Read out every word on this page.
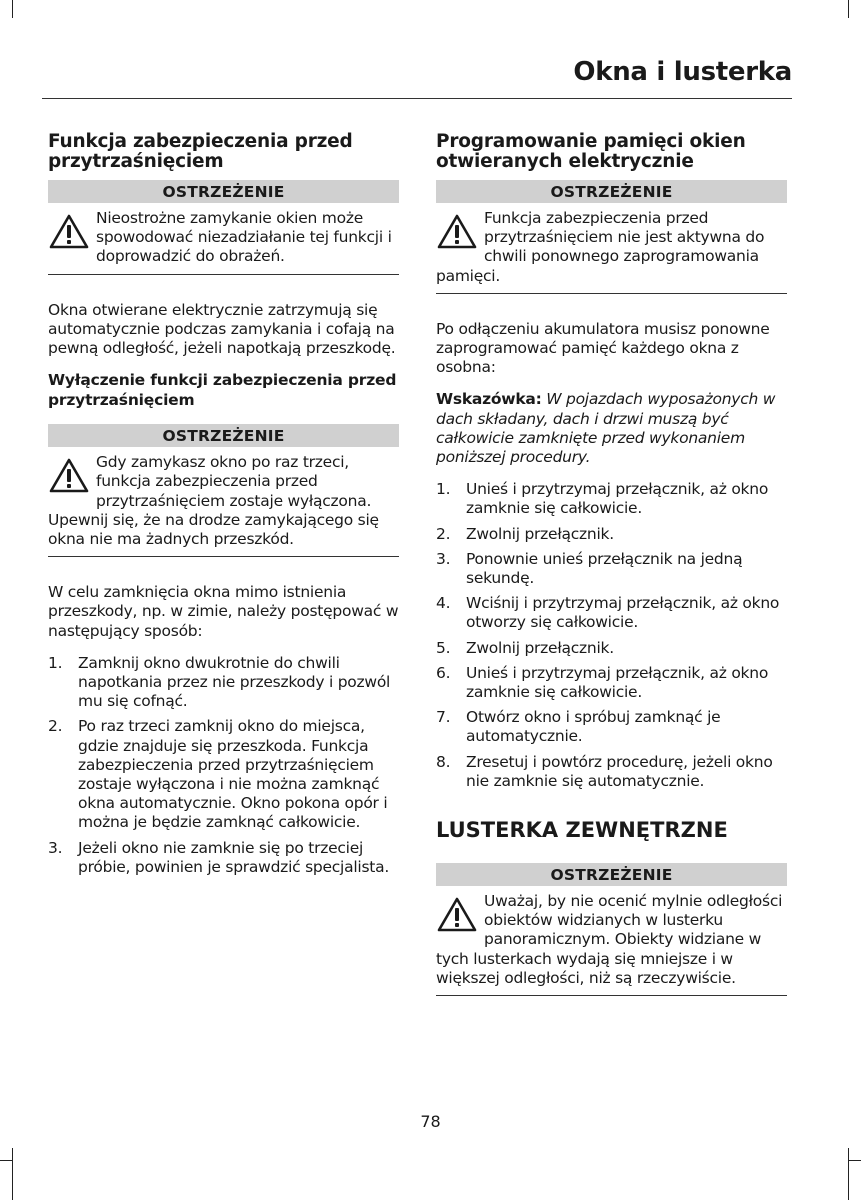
Okna i lusterka
Funkcja zabezpieczenia przed przytrzaśnięciem
OSTRZEŻENIE
Nieostrożne zamykanie okien może spowodować niezadziałanie tej funkcji i doprowadzić do obrażeń.

Okna otwierane elektrycznie zatrzymują się automatycznie podczas zamykania i cofają na pewną odległość, jeżeli napotkają przeszkodę.

Wyłączenie funkcji zabezpieczenia przed przytrzaśnięciem
OSTRZEŻENIE
Gdy zamykasz okno po raz trzeci, funkcja zabezpieczenia przed przytrzaśnięciem zostaje wyłączona. Upewnij się, że na drodze zamykającego się okna nie ma żadnych przeszkód.

W celu zamknięcia okna mimo istnienia przeszkody, np. w zimie, należy postępować w następujący sposób:

1. Zamknij okno dwukrotnie do chwili napotkania przez nie przeszkody i pozwól mu się cofnąć.
2. Po raz trzeci zamknij okno do miejsca, gdzie znajduje się przeszkoda. Funkcja zabezpieczenia przed przytrzaśnięciem zostaje wyłączona i nie można zamknąć okna automatycznie. Okno pokona opór i można je będzie zamknąć całkowicie.
3. Jeżeli okno nie zamknie się po trzeciej próbie, powinien je sprawdzić specjalista.
Programowanie pamięci okien otwieranych elektrycznie
OSTRZEŻENIE
Funkcja zabezpieczenia przed przytrzaśnięciem nie jest aktywna do chwili ponownego zaprogramowania pamięci.

Po odłączeniu akumulatora musisz ponowne zaprogramować pamięć każdego okna z osobna:

Wskazówka: W pojazdach wyposażonych w dach składany, dach i drzwi muszą być całkowicie zamknięte przed wykonaniem poniższej procedury.

1. Unieś i przytrzymaj przełącznik, aż okno zamknie się całkowicie.
2. Zwolnij przełącznik.
3. Ponownie unieś przełącznik na jedną sekundę.
4. Wciśnij i przytrzymaj przełącznik, aż okno otworzy się całkowicie.
5. Zwolnij przełącznik.
6. Unieś i przytrzymaj przełącznik, aż okno zamknie się całkowicie.
7. Otwórz okno i spróbuj zamknąć je automatycznie.
8. Zresetuj i powtórz procedurę, jeżeli okno nie zamknie się automatycznie.
LUSTERKA ZEWNĘTRZNE
OSTRZEŻENIE
Uważaj, by nie ocenić mylnie odległości obiektów widzianych w lusterku panoramicznym. Obiekty widziane w tych lusterkach wydają się mniejsze i w większej odległości, niż są rzeczywiście.
78
